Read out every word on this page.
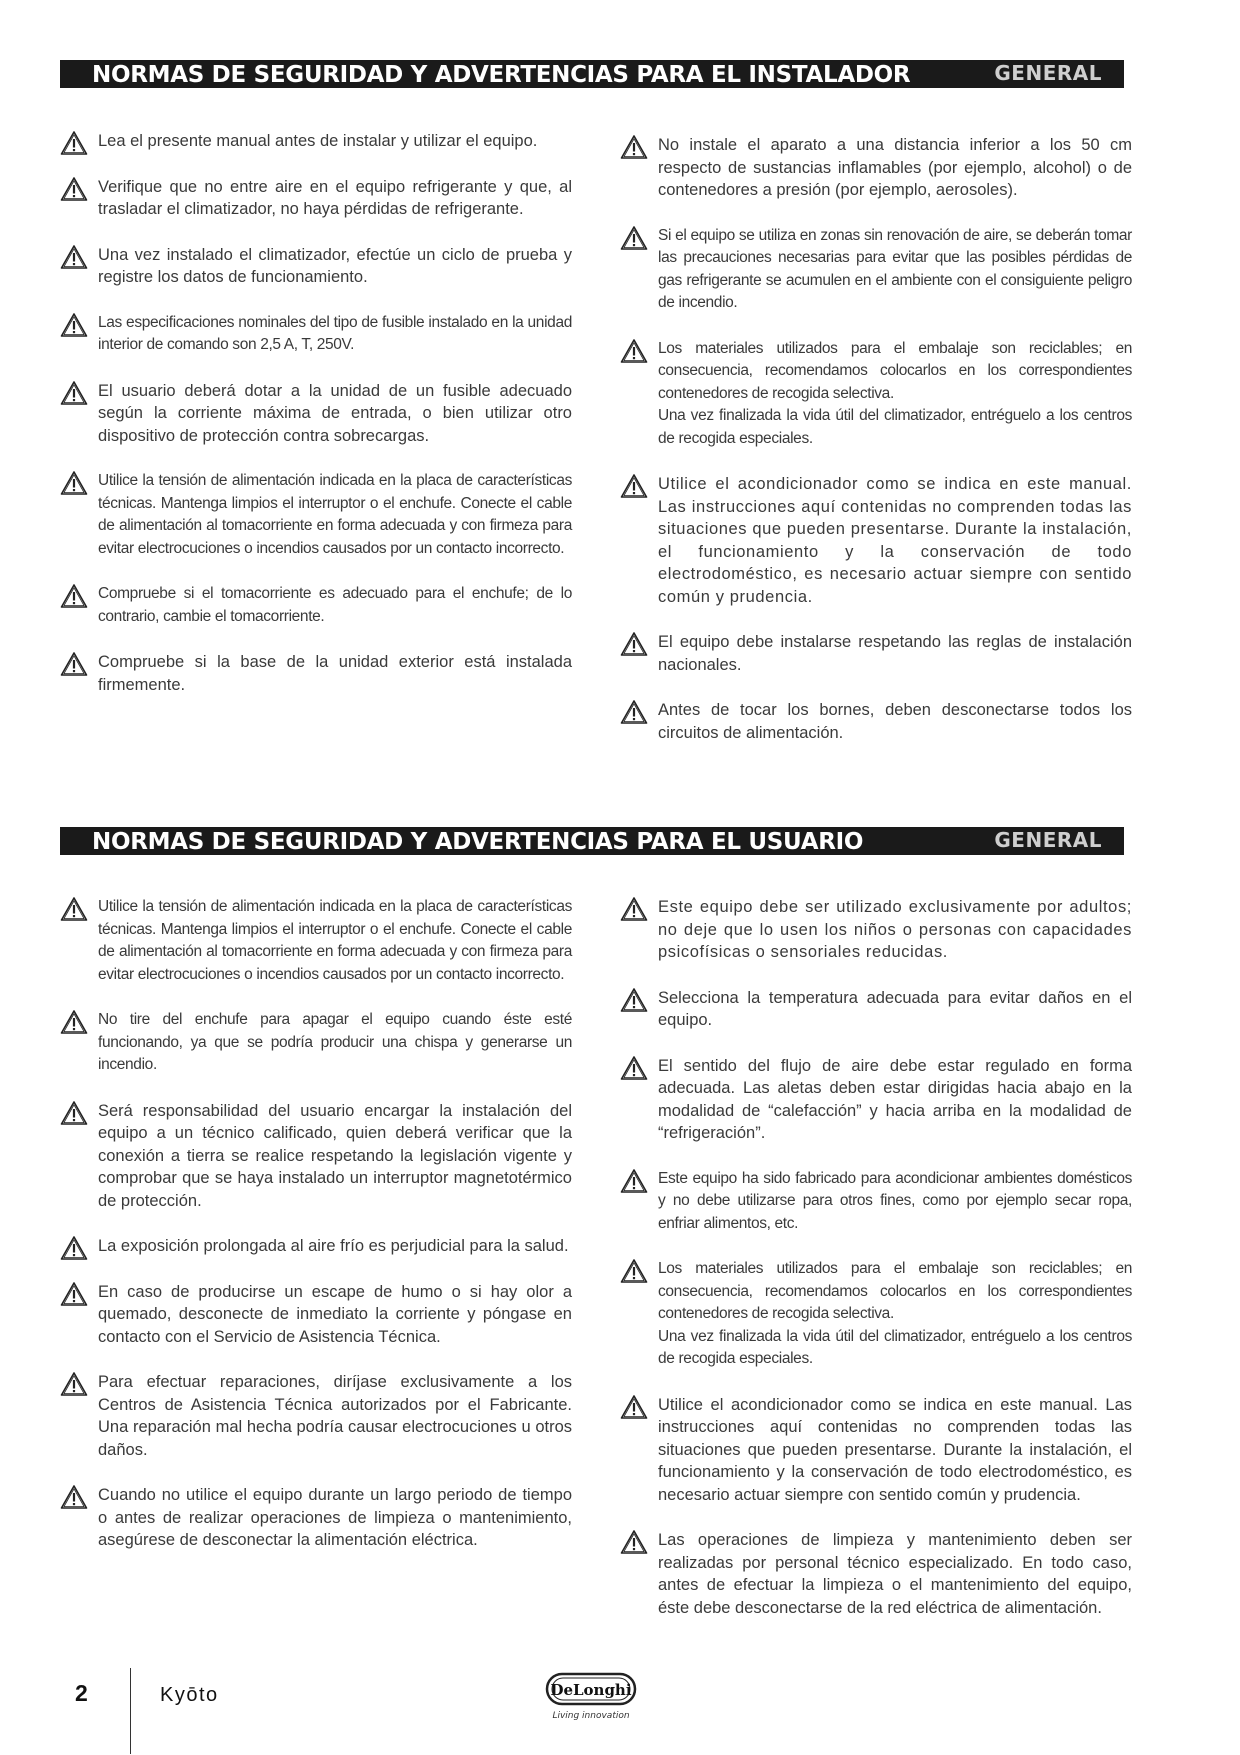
NORMAS DE SEGURIDAD Y ADVERTENCIAS PARA EL INSTALADOR	GENERAL

Lea el presente manual antes de instalar y utilizar el equipo.

Verifique que no entre aire en el equipo refrigerante y que, al trasladar el climatizador, no haya pérdidas de refrigerante.

Una vez instalado el climatizador, efectúe un ciclo de prueba y registre los datos de funcionamiento.

Las especificaciones nominales del tipo de fusible instalado en la unidad interior de comando son 2,5 A, T, 250V.

El usuario deberá dotar a la unidad de un fusible adecuado según la corriente máxima de entrada, o bien utilizar otro dispositivo de protección contra sobrecargas.

Utilice la tensión de alimentación indicada en la placa de características técnicas. Mantenga limpios el interruptor o el enchufe. Conecte el cable de alimentación al tomacorriente en forma adecuada y con firmeza para evitar electrocuciones o incendios causados por un contacto incorrecto.

Compruebe si el tomacorriente es adecuado para el enchufe; de lo contrario, cambie el tomacorriente.

Compruebe si la base de la unidad exterior está instalada firmemente.

No instale el aparato a una distancia inferior a los 50 cm respecto de sustancias inflamables (por ejemplo, alcohol) o de contenedores a presión (por ejemplo, aerosoles).

Si el equipo se utiliza en zonas sin renovación de aire, se deberán tomar las precauciones necesarias para evitar que las posibles pérdidas de gas refrigerante se acumulen en el ambiente con el consiguiente peligro de incendio.

Los materiales utilizados para el embalaje son reciclables; en consecuencia, recomendamos colocarlos en los correspondientes contenedores de recogida selectiva.

Una vez finalizada la vida útil del climatizador, entréguelo a los centros de recogida especiales.

Utilice el acondicionador como se indica en este manual. Las instrucciones aquí contenidas no comprenden todas las situaciones que pueden presentarse. Durante la instalación, el funcionamiento y la conservación de todo electrodoméstico, es necesario actuar siempre con sentido común y prudencia.

El equipo debe instalarse respetando las reglas de instalación nacionales.

Antes de tocar los bornes, deben desconectarse todos los circuitos de alimentación.

NORMAS DE SEGURIDAD Y ADVERTENCIAS PARA EL USUARIO	GENERAL

Utilice la tensión de alimentación indicada en la placa de características técnicas. Mantenga limpios el interruptor o el enchufe. Conecte el cable de alimentación al tomacorriente en forma adecuada y con firmeza para evitar electrocuciones o incendios causados por un contacto incorrecto.

No tire del enchufe para apagar el equipo cuando éste esté funcionando, ya que se podría producir una chispa y generarse un incendio.

Será responsabilidad del usuario encargar la instalación del equipo a un técnico calificado, quien deberá verificar que la conexión a tierra se realice respetando la legislación vigente y comprobar que se haya instalado un interruptor magnetotérmico de protección.

La exposición prolongada al aire frío es perjudicial para la salud.

En caso de producirse un escape de humo o si hay olor a quemado, desconecte de inmediato la corriente y póngase en contacto con el Servicio de Asistencia Técnica.

Para efectuar reparaciones, diríjase exclusivamente a los Centros de Asistencia Técnica autorizados por el Fabricante. Una reparación mal hecha podría causar electrocuciones u otros daños.

Cuando no utilice el equipo durante un largo periodo de tiempo o antes de realizar operaciones de limpieza o mantenimiento, asegúrese de desconectar la alimentación eléctrica.

Este equipo debe ser utilizado exclusivamente por adultos; no deje que lo usen los niños o personas con capacidades psicofísicas o sensoriales reducidas.

Selecciona la temperatura adecuada para evitar daños en el equipo.

El sentido del flujo de aire debe estar regulado en forma adecuada. Las aletas deben estar dirigidas hacia abajo en la modalidad de “calefacción” y hacia arriba en la modalidad de “refrigeración”.

Este equipo ha sido fabricado para acondicionar ambientes domésticos y no debe utilizarse para otros fines, como por ejemplo secar ropa, enfriar alimentos, etc.

Los materiales utilizados para el embalaje son reciclables; en consecuencia, recomendamos colocarlos en los correspondientes contenedores de recogida selectiva.

Una vez finalizada la vida útil del climatizador, entréguelo a los centros de recogida especiales.

Utilice el acondicionador como se indica en este manual. Las instrucciones aquí contenidas no comprenden todas las situaciones que pueden presentarse. Durante la instalación, el funcionamiento y la conservación de todo electrodoméstico, es necesario actuar siempre con sentido común y prudencia.

Las operaciones de limpieza y mantenimiento deben ser realizadas por personal técnico especializado. En todo caso, antes de efectuar la limpieza o el mantenimiento del equipo, éste debe desconectarse de la red eléctrica de alimentación.

2	Kyōto	DeLonghi
Living innovation
